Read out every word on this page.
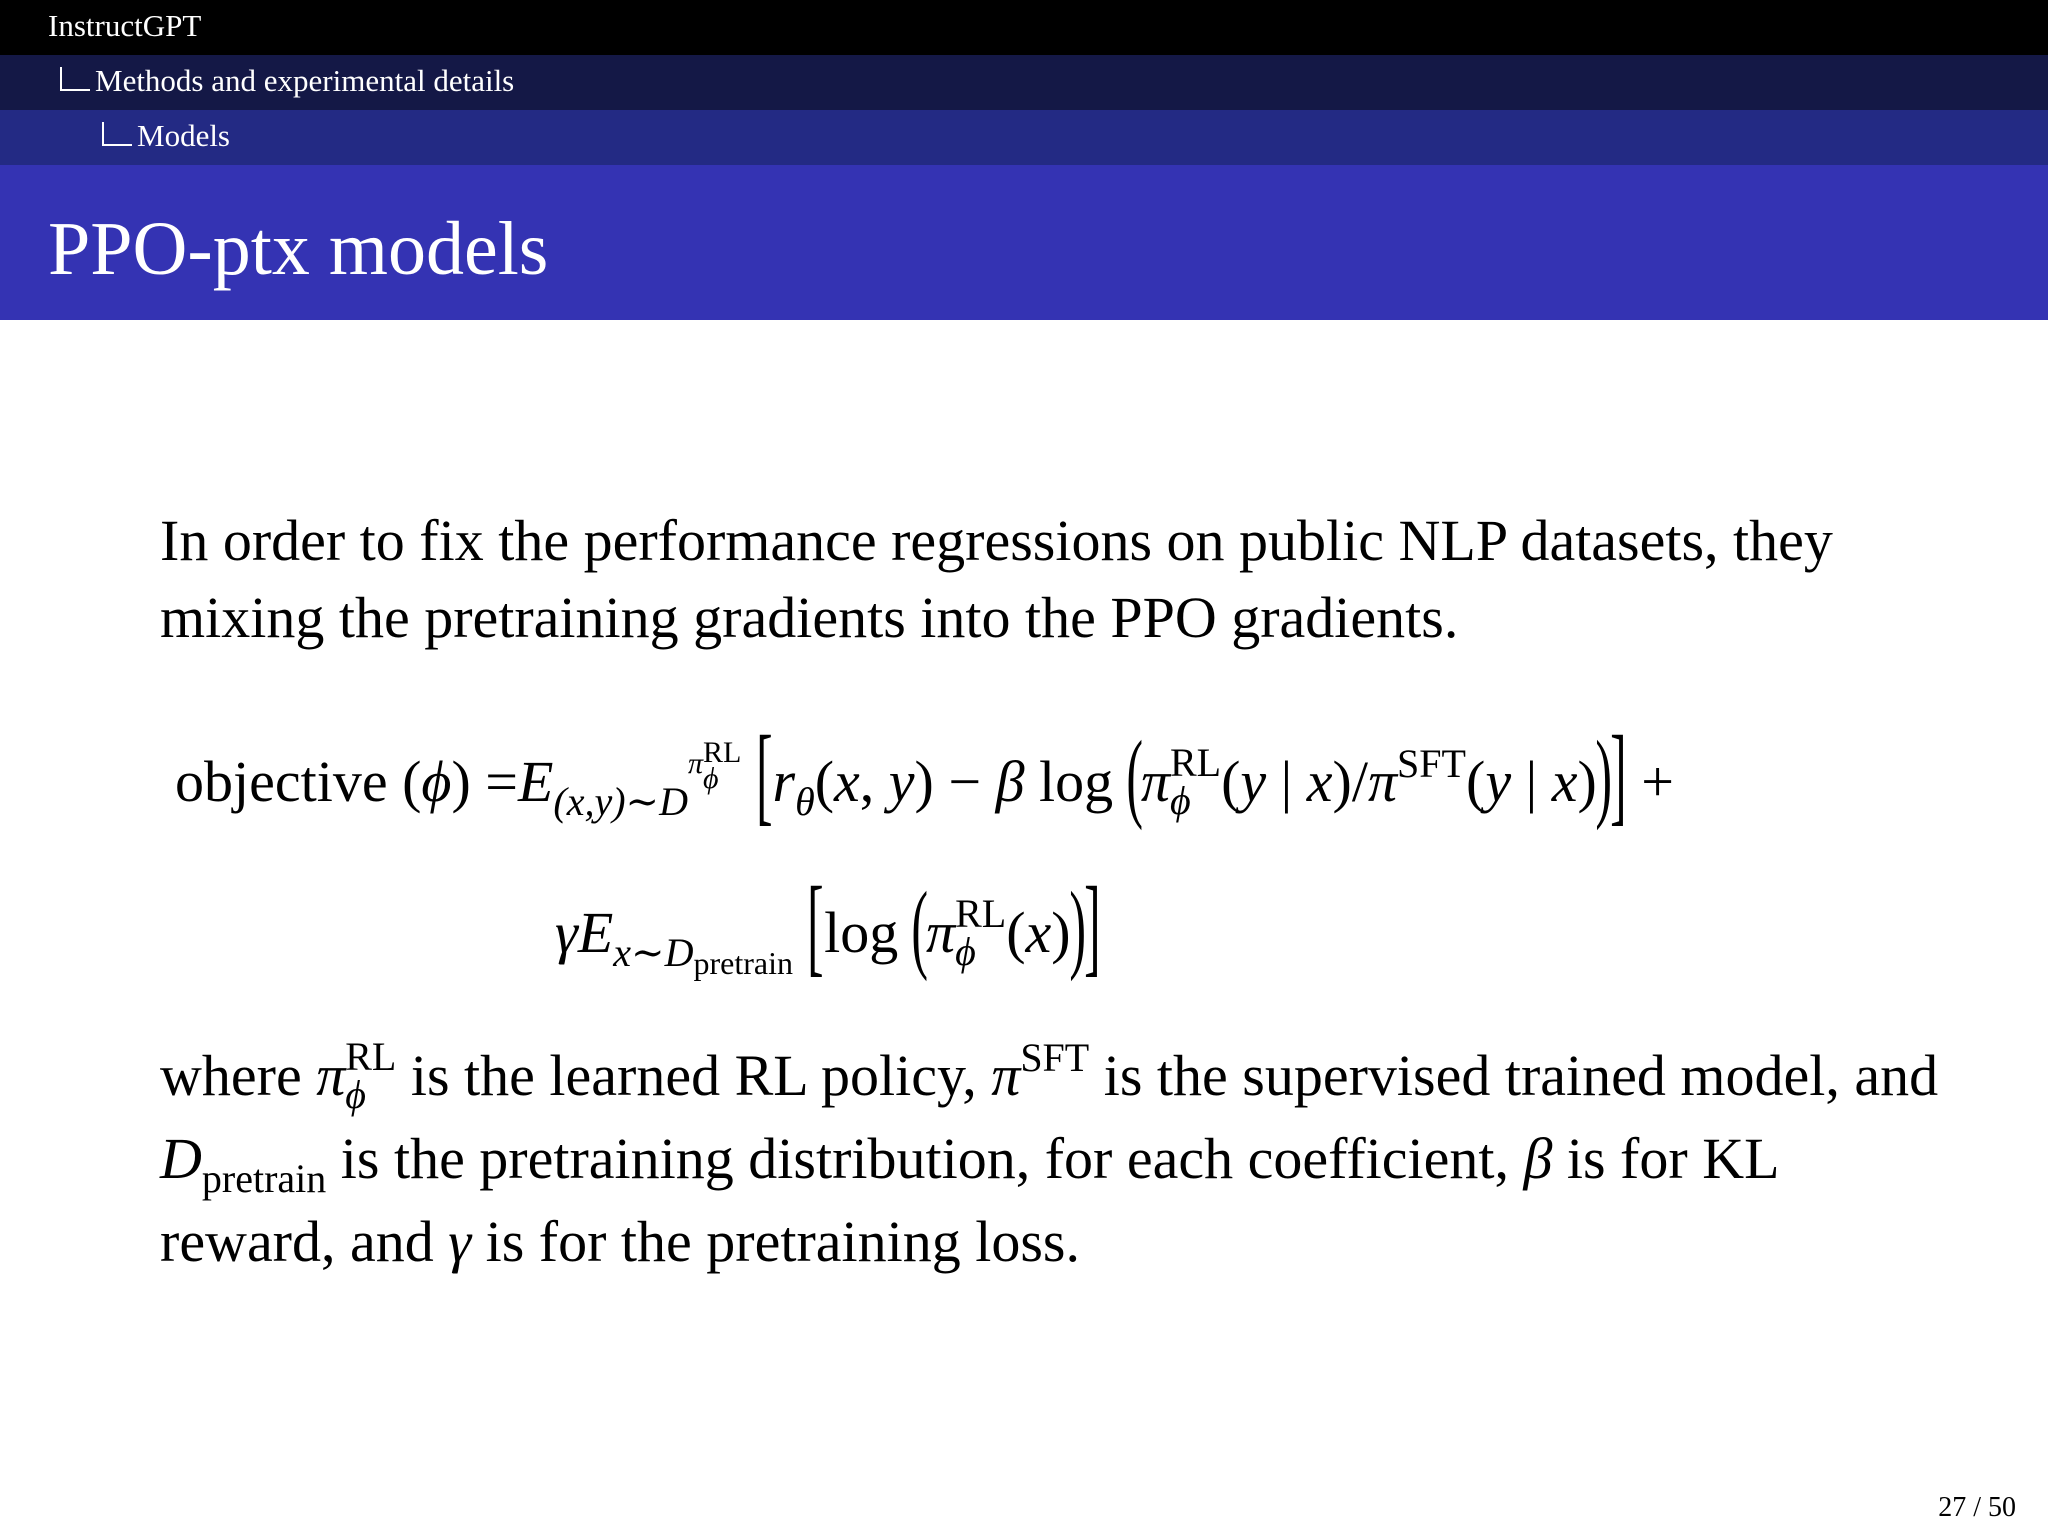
InstructGPT
Methods and experimental details
Models
PPO-ptx models

In order to fix the performance regressions on public NLP datasets, they mixing the pretraining gradients into the PPO gradients.

objective $(\phi) =E_{(x,y)\sim D\pi RL \phi}$ [$r_\theta(x$, y) − β log (π RL
ϕ (y | $x)/\pi^{SFT}(y$ | x))] +
$\gamma E_{x\sim D_{pretrain}}$ [log (π RL
ϕ (x))]

where π RL
ϕ is the learned RL policy, $\pi^{SFT}$ is the supervised trained model, and $D_{pretrain}$ is the pretraining distribution, for each coefficient, β is for KL reward, and γ is for the pretraining loss.

27 / 50
